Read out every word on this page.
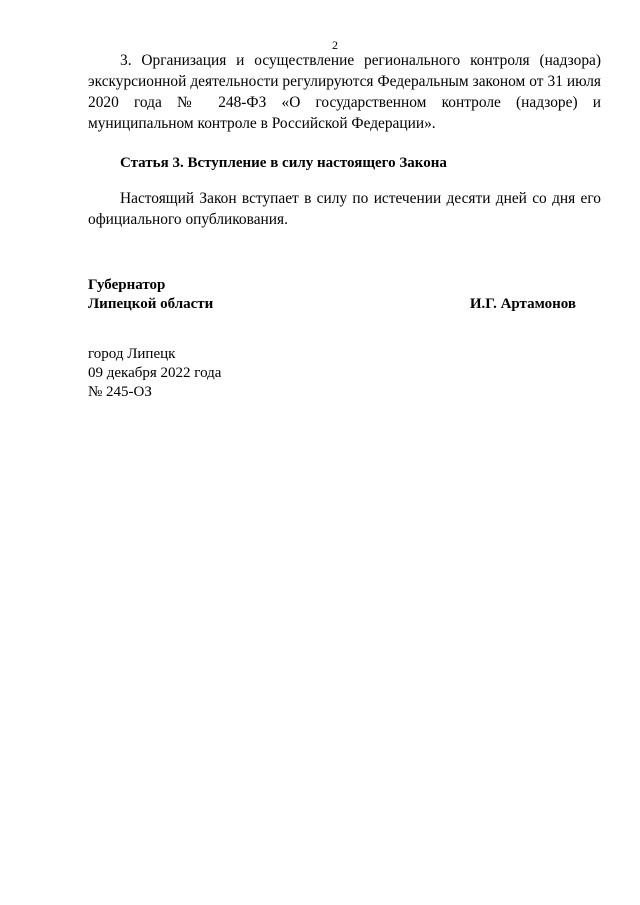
2

3. Организация и осуществление регионального контроля (надзора) экскурсионной деятельности регулируются Федеральным законом от 31 июля 2020 года № 248-ФЗ «О государственном контроле (надзоре) и муниципальном контроле в Российской Федерации».

Статья 3. Вступление в силу настоящего Закона

Настоящий Закон вступает в силу по истечении десяти дней со дня его официального опубликования.

Губернатор
Липецкой области	И.Г. Артамонов
город Липецк
09 декабря 2022 года
№ 245-ОЗ
